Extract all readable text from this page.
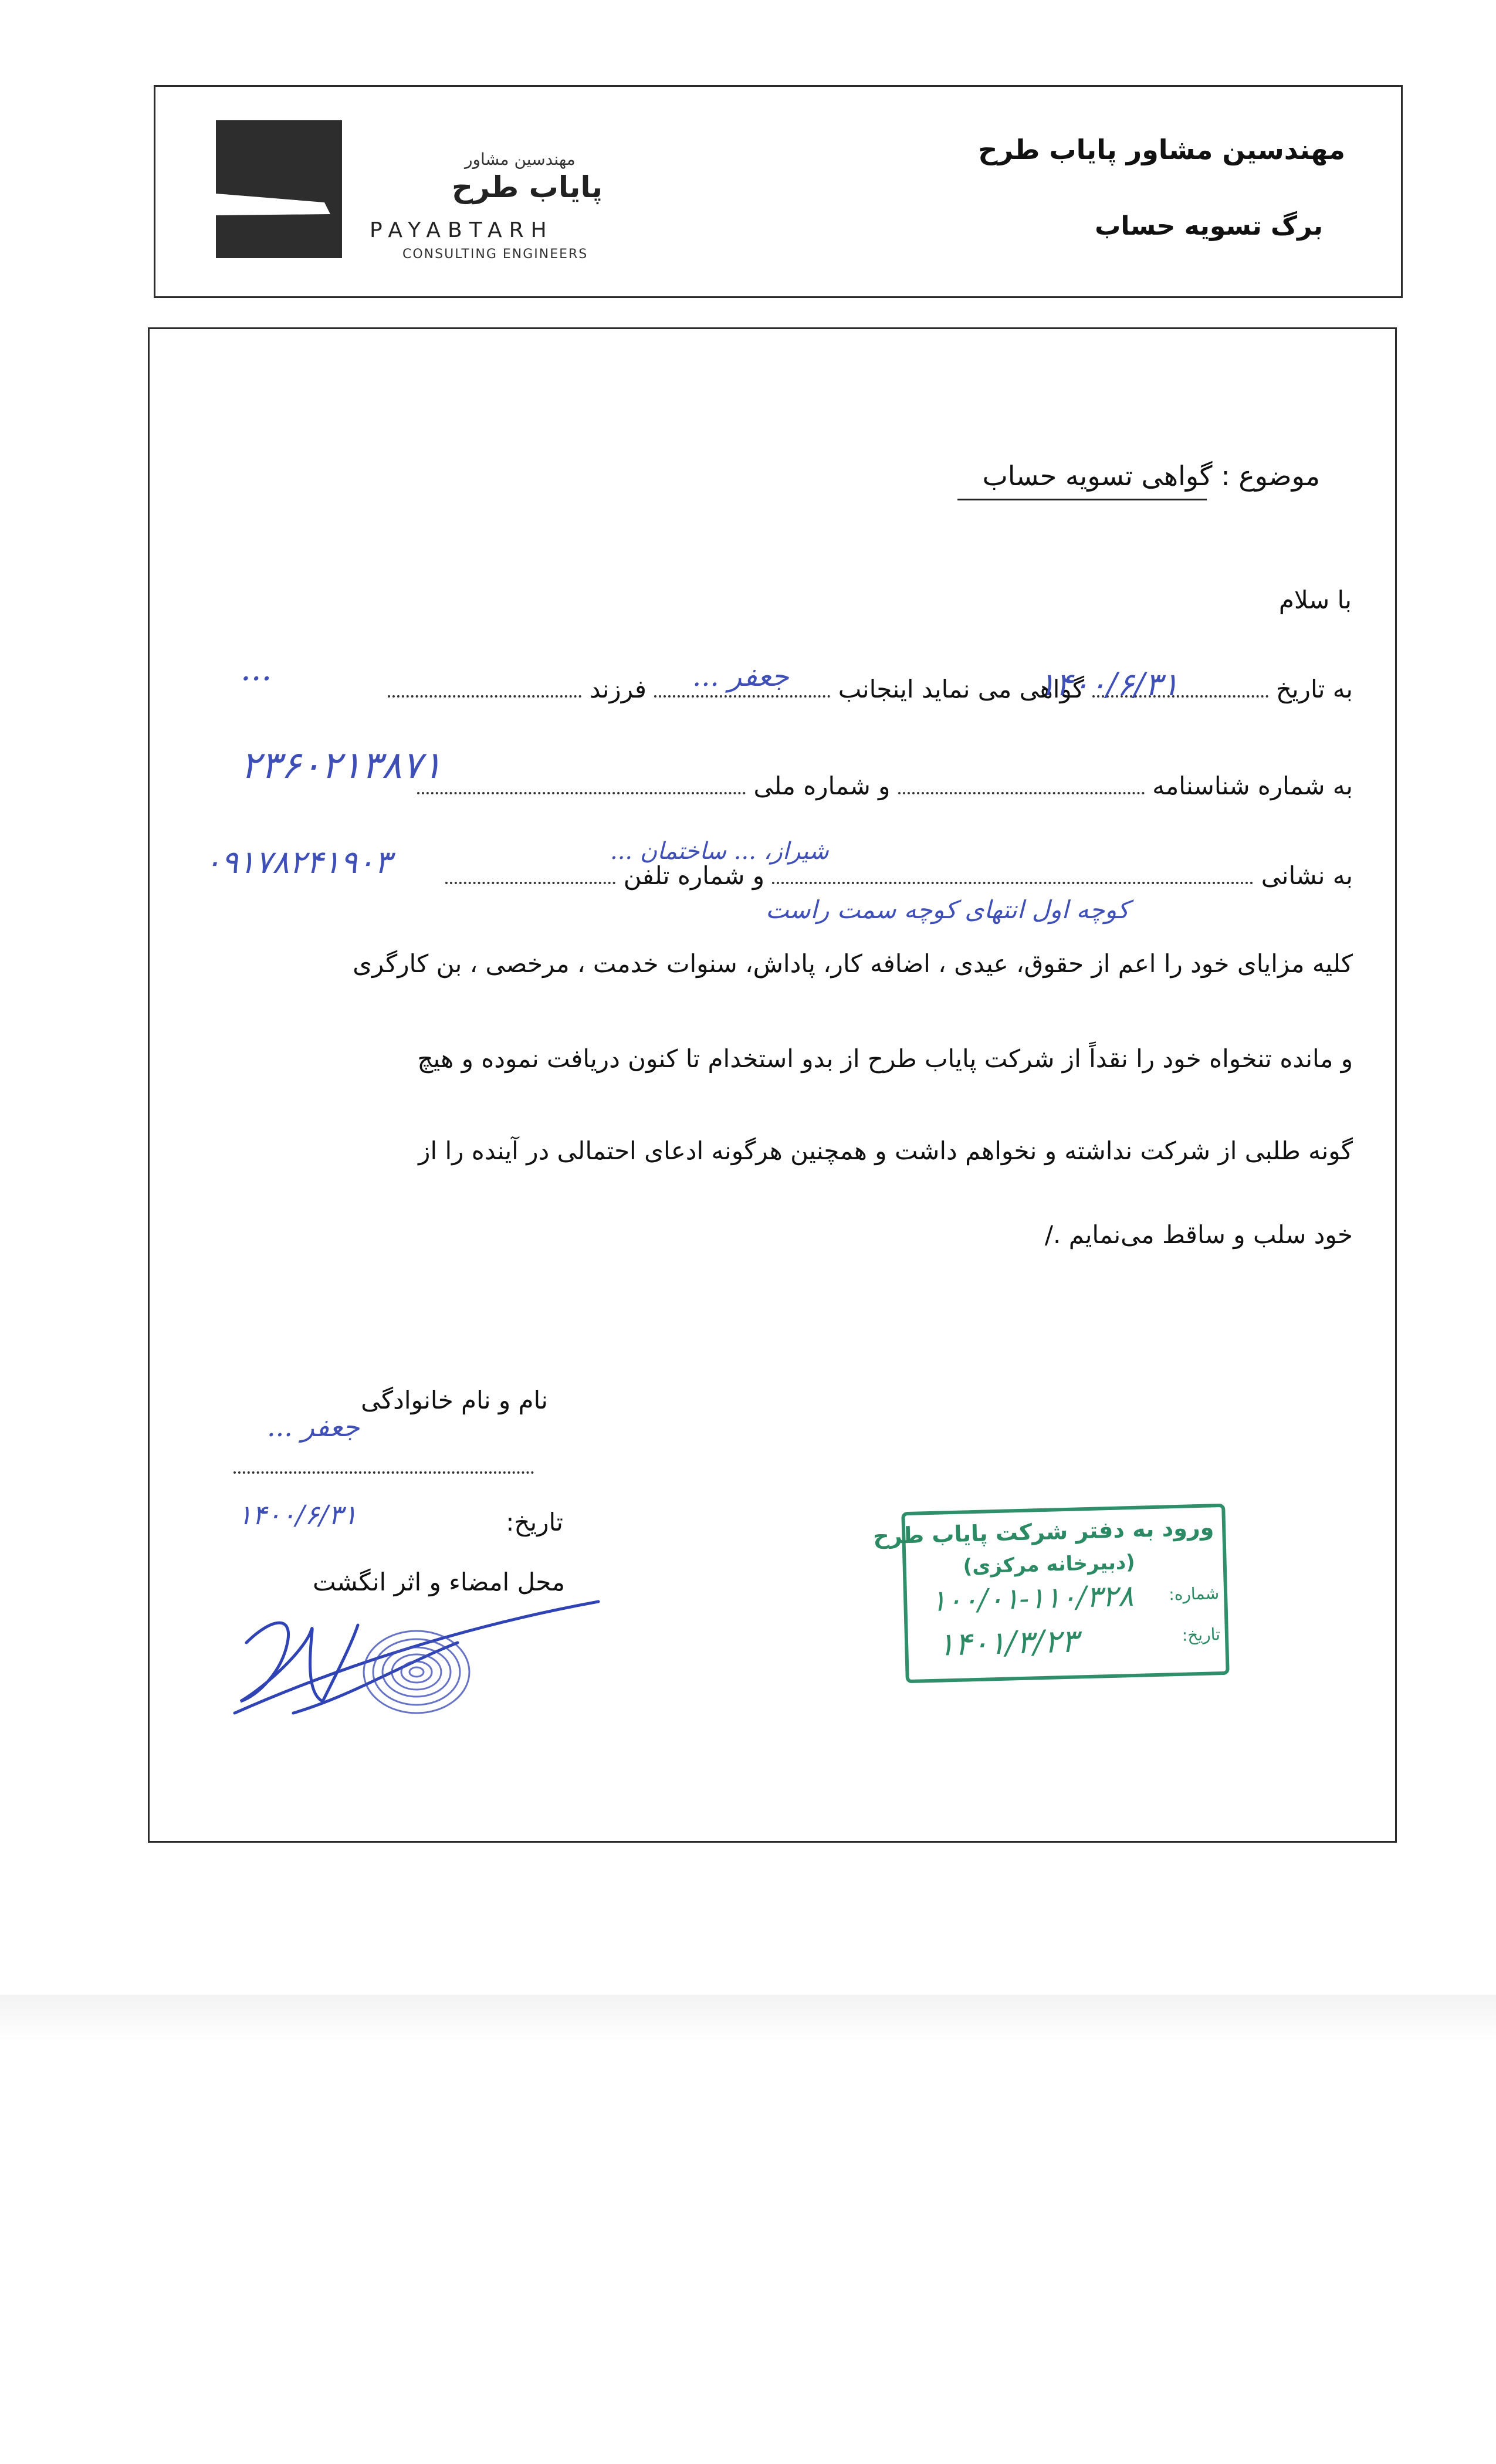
مهندسین مشاور
پایاب طرح
PAYABTARH
CONSULTING ENGINEERS
مهندسین مشاور پایاب طرح
برگ تسویه حساب
موضوع : گواهی تسویه حساب
با سلام
به تاریخ  گواهی می نماید اینجانب  فرزند
به شماره شناسنامه  و شماره ملی
به نشانی  و شماره تلفن
کلیه مزایای خود را اعم از حقوق، عیدی ، اضافه کار، پاداش، سنوات خدمت ، مرخصی ، بن کارگری
و مانده تنخواه خود را نقداً از شرکت پایاب طرح از بدو استخدام تا کنون دریافت نموده و هیچ
گونه طلبی از شرکت نداشته و نخواهم داشت و همچنین هرگونه ادعای احتمالی در آینده را از
خود سلب و ساقط می‌نمایم ./
۱۴۰۰/۶/۳۱
جعفر ...
...
۲۳۶۰۲۱۳۸۷۱
۰۹۱۷۸۲۴۱۹۰۳	شیراز، ... ساختمان ...
کوچه اول انتهای کوچه سمت راست
نام و نام خانوادگی
جعفر ...
تاریخ:
۱۴۰۰/۶/۳۱
محل امضاء و اثر انگشت
ورود به دفتر شرکت پایاب طرح
(دبیرخانه مرکزی)
شماره:
تاریخ:
۱۰۰/۰۱-۱۱۰/۳۲۸
۱۴۰۱/۳/۲۳
